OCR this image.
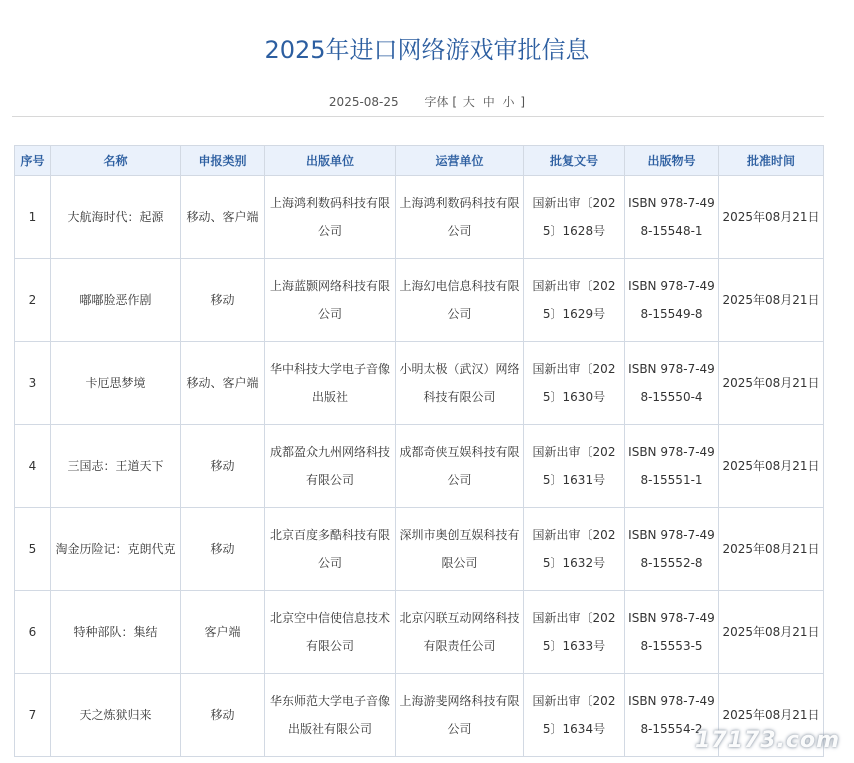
2025年进口网络游戏审批信息
2025-08-25 字体 [ 大 中 小 ]
序号	名称	申报类别	出版单位	运营单位	批复文号	出版物号	批准时间
1	大航海时代：起源	移动、客户端	上海鸿利数码科技有限公司	上海鸿利数码科技有限公司	国新出审〔2025〕1628号	ISBN 978-7-498-15548-1	2025年08月21日
2	嘟嘟脸恶作剧	移动	上海蓝颢网络科技有限公司	上海幻电信息科技有限公司	国新出审〔2025〕1629号	ISBN 978-7-498-15549-8	2025年08月21日
3	卡厄思梦境	移动、客户端	华中科技大学电子音像出版社	小明太极（武汉）网络科技有限公司	国新出审〔2025〕1630号	ISBN 978-7-498-15550-4	2025年08月21日
4	三国志：王道天下	移动	成都盈众九州网络科技有限公司	成都奇侠互娱科技有限公司	国新出审〔2025〕1631号	ISBN 978-7-498-15551-1	2025年08月21日
5	淘金历险记：克朗代克	移动	北京百度多酷科技有限公司	深圳市奥创互娱科技有限公司	国新出审〔2025〕1632号	ISBN 978-7-498-15552-8	2025年08月21日
6	特种部队：集结	客户端	北京空中信使信息技术有限公司	北京闪联互动网络科技有限责任公司	国新出审〔2025〕1633号	ISBN 978-7-498-15553-5	2025年08月21日
7	天之炼狱归来	移动	华东师范大学电子音像出版社有限公司	上海游斐网络科技有限公司	国新出审〔2025〕1634号	ISBN 978-7-498-15554-2	2025年08月21日
17173.com
